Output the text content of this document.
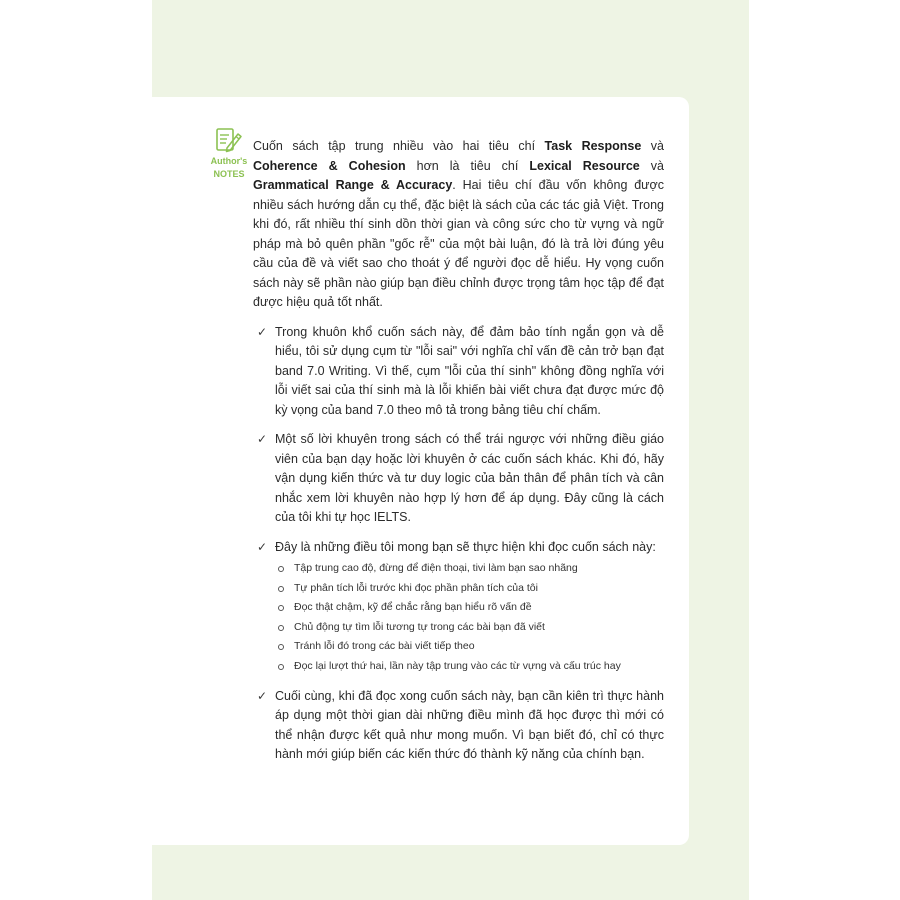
Author's
NOTES

Cuốn sách tập trung nhiều vào hai tiêu chí Task Response và Coherence & Cohesion hơn là tiêu chí Lexical Resource và Grammatical Range & Accuracy. Hai tiêu chí đầu vốn không được nhiều sách hướng dẫn cụ thể, đặc biệt là sách của các tác giả Việt. Trong khi đó, rất nhiều thí sinh dồn thời gian và công sức cho từ vựng và ngữ pháp mà bỏ quên phần "gốc rễ" của một bài luận, đó là trả lời đúng yêu cầu của đề và viết sao cho thoát ý để người đọc dễ hiểu. Hy vọng cuốn sách này sẽ phần nào giúp bạn điều chỉnh được trọng tâm học tập để đạt được hiệu quả tốt nhất.

✓ Trong khuôn khổ cuốn sách này, để đảm bảo tính ngắn gọn và dễ hiểu, tôi sử dụng cụm từ "lỗi sai" với nghĩa chỉ vấn đề cản trở bạn đạt band 7.0 Writing. Vì thế, cụm "lỗi của thí sinh" không đồng nghĩa với lỗi viết sai của thí sinh mà là lỗi khiến bài viết chưa đạt được mức độ kỳ vọng của band 7.0 theo mô tả trong bảng tiêu chí chấm.
✓ Một số lời khuyên trong sách có thể trái ngược với những điều giáo viên của bạn dạy hoặc lời khuyên ở các cuốn sách khác. Khi đó, hãy vận dụng kiến thức và tư duy logic của bản thân để phân tích và cân nhắc xem lời khuyên nào hợp lý hơn để áp dụng. Đây cũng là cách của tôi khi tự học IELTS.
✓ Đây là những điều tôi mong bạn sẽ thực hiện khi đọc cuốn sách này:
Tập trung cao độ, đừng để điện thoại, tivi làm bạn sao nhãng
Tự phân tích lỗi trước khi đọc phần phân tích của tôi
Đọc thật chậm, kỹ để chắc rằng bạn hiểu rõ vấn đề
Chủ động tự tìm lỗi tương tự trong các bài bạn đã viết
Tránh lỗi đó trong các bài viết tiếp theo
Đọc lại lượt thứ hai, lần này tập trung vào các từ vựng và cấu trúc hay
✓ Cuối cùng, khi đã đọc xong cuốn sách này, bạn cần kiên trì thực hành áp dụng một thời gian dài những điều mình đã học được thì mới có thể nhận được kết quả như mong muốn. Vì bạn biết đó, chỉ có thực hành mới giúp biến các kiến thức đó thành kỹ năng của chính bạn.
